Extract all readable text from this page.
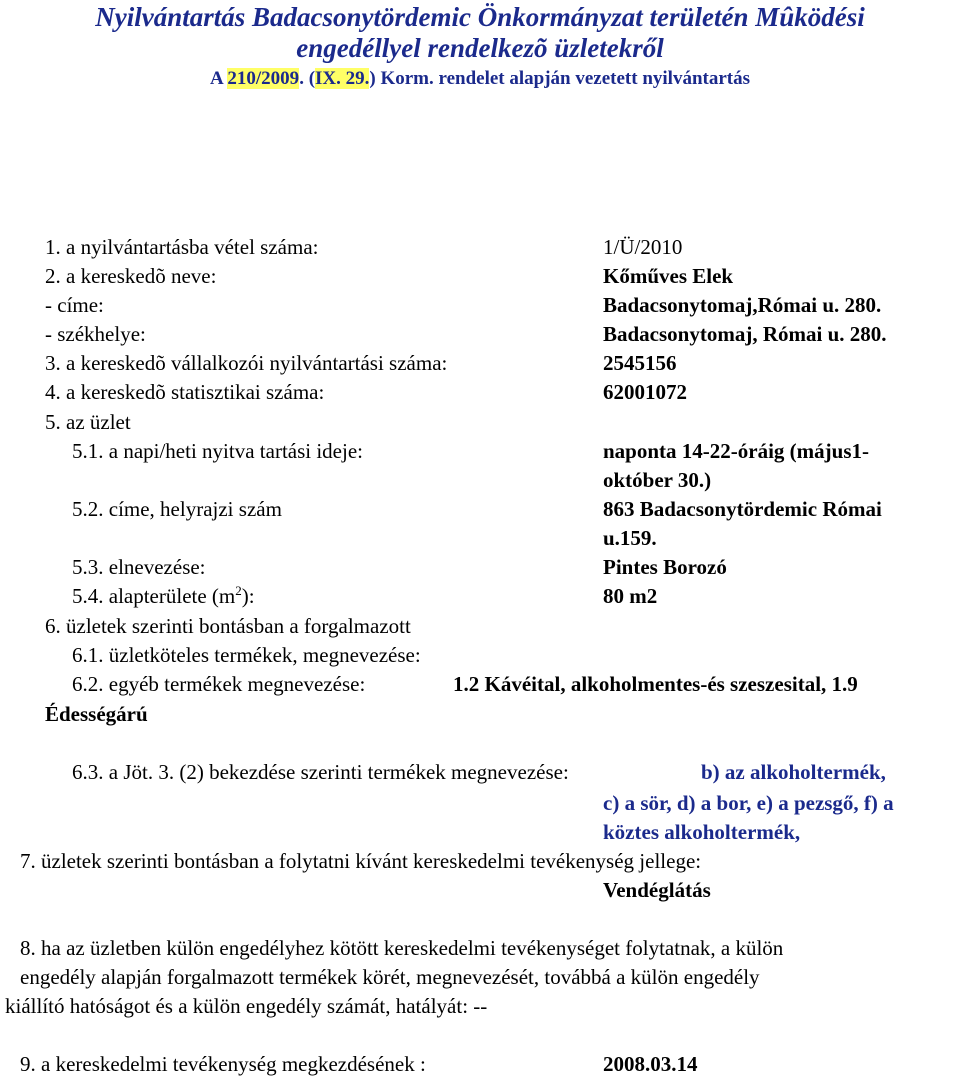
Nyilvántartás Badacsonytördemic Önkormányzat területén Mûködési
engedéllyel rendelkezõ üzletekről
A 210/2009. (IX. 29.) Korm. rendelet alapján vezetett nyilvántartás
1. a nyilvántartásba vétel száma:	1/Ü/2010
2. a kereskedõ neve:	Kőműves Elek
- címe:	Badacsonytomaj,Római u. 280.
- székhelye:	Badacsonytomaj, Római u. 280.
3. a kereskedõ vállalkozói nyilvántartási száma:	2545156
4. a kereskedõ statisztikai száma:	62001072
5. az üzlet
5.1. a napi/heti nyitva tartási ideje:	naponta 14-22-óráig (május1-
október 30.)
5.2. címe, helyrajzi szám	863 Badacsonytördemic Római
u.159.
5.3. elnevezése:	Pintes Borozó
5.4. alapterülete $(m^2)$:	80 m2
6. üzletek szerinti bontásban a forgalmazott
6.1. üzletköteles termékek, megnevezése:
6.2. egyéb termékek megnevezése:	1.2 Kávéital, alkoholmentes-és szeszesital, 1.9
Édességárú
6.3. a Jöt. 3. (2) bekezdése szerinti termékek megnevezése:	b) az alkoholtermék,
c) a sör, d) a bor, e) a pezsgő, f) a
köztes alkoholtermék,
7. üzletek szerinti bontásban a folytatni kívánt kereskedelmi tevékenység jellege:
Vendéglátás
8. ha az üzletben külön engedélyhez kötött kereskedelmi tevékenységet folytatnak, a külön
engedély alapján forgalmazott termékek körét, megnevezését, továbbá a külön engedély
kiállító hatóságot és a külön engedély számát, hatályát: --
9. a kereskedelmi tevékenység megkezdésének :	2008.03.14
